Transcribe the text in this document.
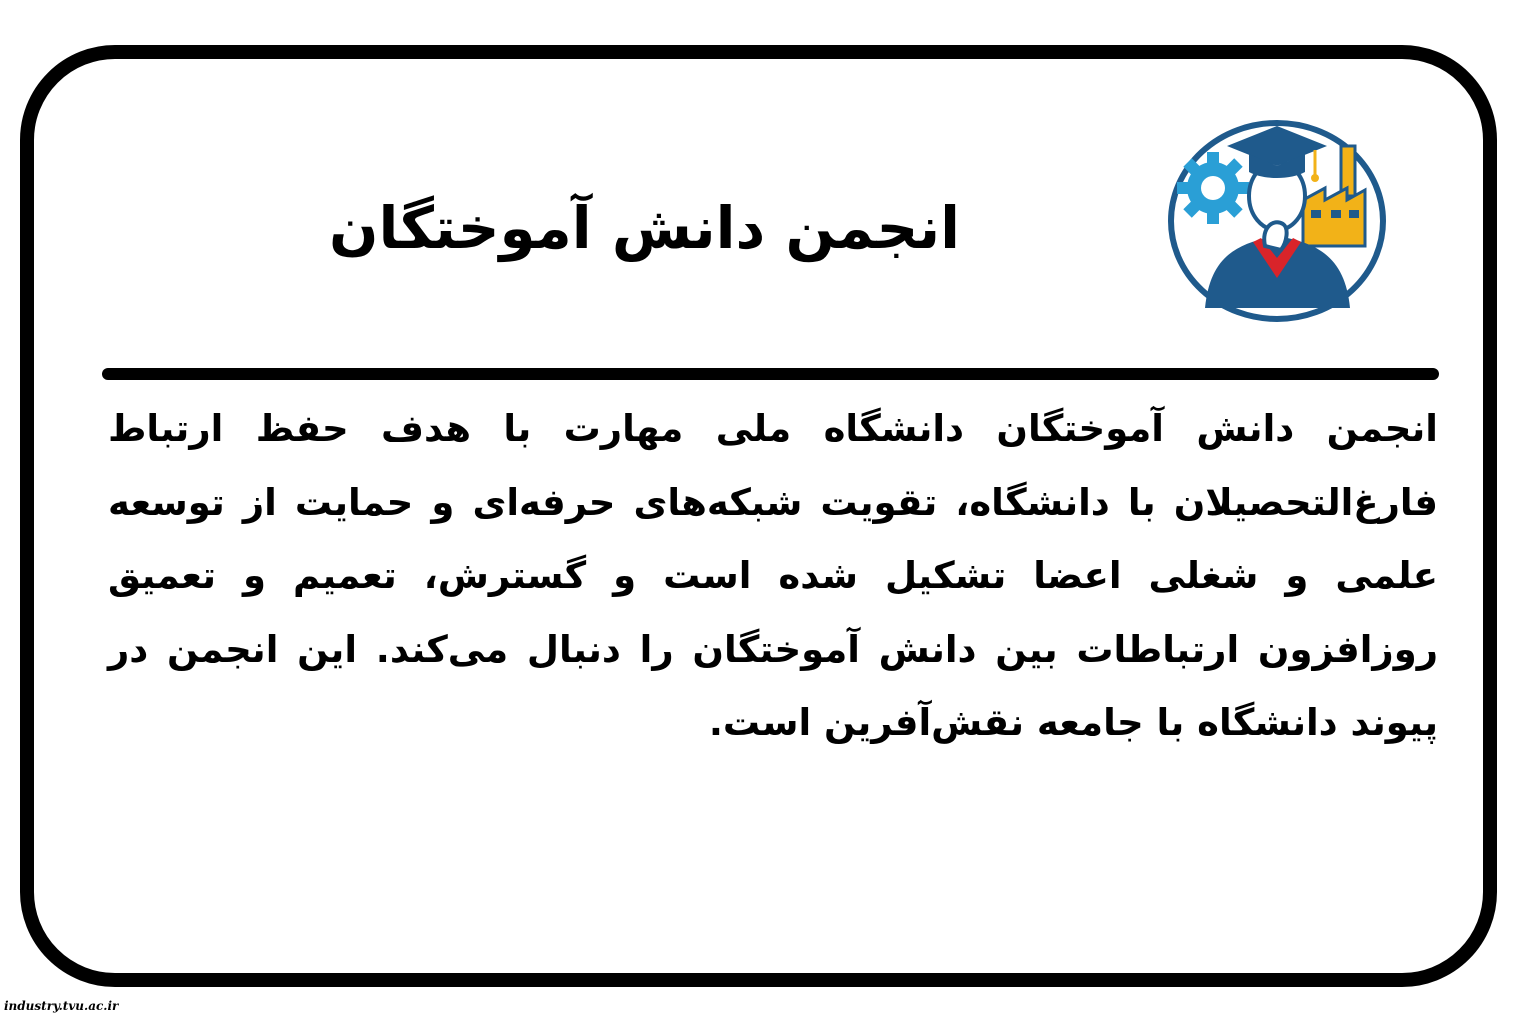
انجمن دانش آموختگان
انجمن دانش آموختگان دانشگاه ملی مهارت با هدف حفظ ارتباط فارغ‌التحصیلان با دانشگاه، تقویت شبکه‌های حرفه‌ای و حمایت از توسعه علمی و شغلی اعضا تشکیل شده است و گسترش، تعمیم و تعمیق روزافزون ارتباطات بین دانش آموختگان را دنبال می‌کند. این انجمن در پیوند دانشگاه با جامعه نقش‌آفرین است.
industry.tvu.ac.ir
